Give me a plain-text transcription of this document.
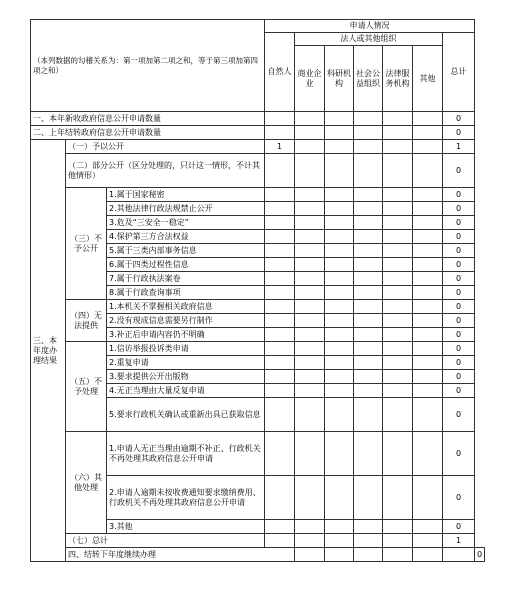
（本列数据的勾稽关系为：第一项加第二项之和，等于第三项加第四项之和）			申请人情况							
			自然人	法人或其他组织					总计	
				商业企业	科研机构	社会公益组织	法律服务机构	其他		
一、本年新收政府信息公开申请数量									0	
二、上年结转政府信息公开申请数量									0	
三、本年度办理结果	（一）予以公开		1						1	
	（二）部分公开（区分处理的，只计这一情形，不计其他情形）								0	
	（三）不予公开	1.属于国家秘密							0	
		2.其他法律行政法规禁止公开							0	
		3.危及“三安全一稳定”							0	
		4.保护第三方合法权益							0	
		5.属于三类内部事务信息							0	
		6.属于四类过程性信息							0	
		7.属于行政执法案卷							0	
		8.属于行政查询事项							0	
	（四）无法提供	1.本机关不掌握相关政府信息							0	
		2.没有现成信息需要另行制作							0	
		3.补正后申请内容仍不明确							0	
	（五）不予处理	1.信访举报投诉类申请							0	
		2.重复申请							0	
		3.要求提供公开出版物							0	
		4.无正当理由大量反复申请							0	
		5.要求行政机关确认或重新出具已获取信息							0	
	（六）其他处理	1.申请人无正当理由逾期不补正、行政机关不再处理其政府信息公开申请							0	
		2.申请人逾期未按收费通知要求缴纳费用、行政机关不再处理其政府信息公开申请							0	
		3.其他							0	
	（七）总计								1	
	四、结转下年度继续办理									0
